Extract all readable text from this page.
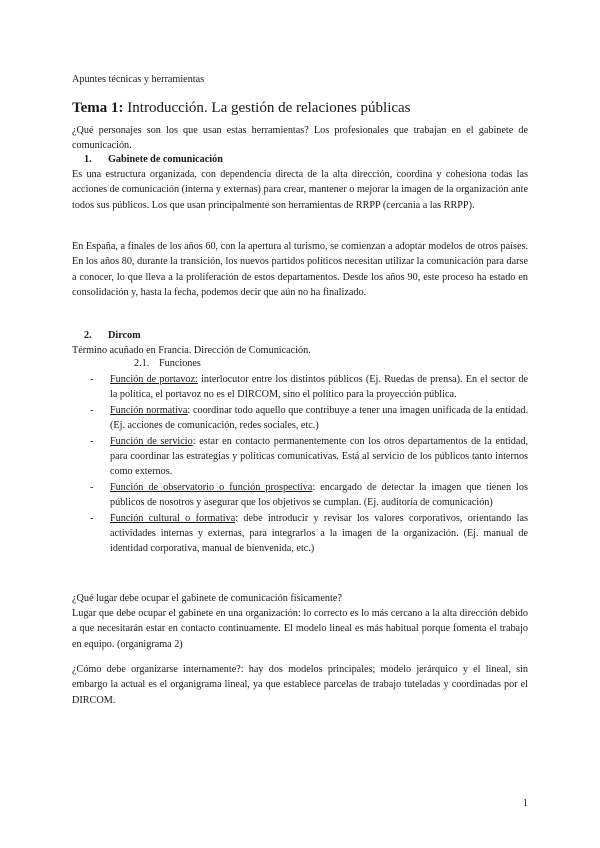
Apuntes técnicas y herramientas
Tema 1: Introducción. La gestión de relaciones públicas
¿Qué personajes son los que usan estas herramientas? Los profesionales que trabajan en el gabinete de comunicación.
1. Gabinete de comunicación
Es una estructura organizada, con dependencia directa de la alta dirección, coordina y cohesiona todas las acciones de comunicación (interna y externas) para crear, mantener o mejorar la imagen de la organización ante todos sus públicos. Los que usan principalmente son herramientas de RRPP (cercanía a las RRPP).
En España, a finales de los años 60, con la apertura al turismo, se comienzan a adoptar modelos de otros países. En los años 80, durante la transición, los nuevos partidos políticos necesitan utilizar la comunicación para darse a conocer, lo que lleva a la proliferación de estos departamentos. Desde los años 90, este proceso ha estado en consolidación y, hasta la fecha, podemos decir que aún no ha finalizado.
2. Dircom
Término acuñado en Francia. Dirección de Comunicación.
2.1. Funciones
- Función de portavoz: interlocutor entre los distintos públicos (Ej. Ruedas de prensa). En el sector de la política, el portavoz no es el DIRCOM, sino el político para la proyección pública.
- Función normativa: coordinar todo aquello que contribuye a tener una imagen unificada de la entidad. (Ej. acciones de comunicación, redes sociales, etc.)
- Función de servicio: estar en contacto permanentemente con los otros departamentos de la entidad, para coordinar las estrategias y políticas comunicativas. Está al servicio de los públicos tanto internos como externos.
- Función de observatorio o función prospectiva: encargado de detectar la imagen que tienen los públicos de nosotros y asegurar que los objetivos se cumplan. (Ej. auditoría de comunicación)
- Función cultural o formativa: debe introducir y revisar los valores corporativos, orientando las actividades internas y externas, para integrarlos a la imagen de la organización. (Ej. manual de identidad corporativa, manual de bienvenida, etc.)
¿Qué lugar debe ocupar el gabinete de comunicación físicamente?
Lugar que debe ocupar el gabinete en una organización: lo correcto es lo más cercano a la alta dirección debido a que necesitarán estar en contacto continuamente. El modelo lineal es más habitual porque fomenta el trabajo en equipo. (organigrama 2)
¿Cómo debe organizarse internamente?: hay dos modelos principales; modelo jerárquico y el lineal, sin embargo la actual es el organigrama lineal, ya que establece parcelas de trabajo tuteladas y coordinadas por el DIRCOM.
1
